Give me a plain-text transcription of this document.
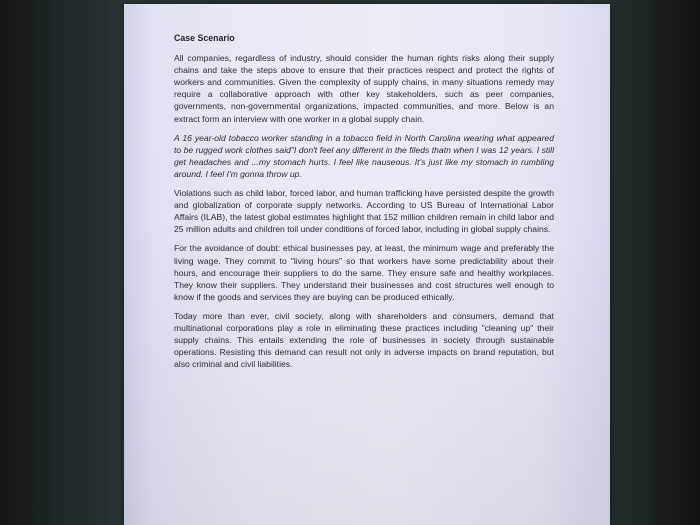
Case Scenario

All companies, regardless of industry, should consider the human rights risks along their supply chains and take the steps above to ensure that their practices respect and protect the rights of workers and communities. Given the complexity of supply chains, in many situations remedy may require a collaborative approach with other key stakeholders, such as peer companies, governments, non-governmental organizations, impacted communities, and more. Below is an extract form an interview with one worker in a global supply chain.

A 16 year-old tobacco worker standing in a tobacco field in North Carolina wearing what appeared to be rugged work clothes said"I don't feel any different in the fileds thatn when I was 12 years. I still get headaches and ...my stomach hurts. I feel like nauseous. It's just like my stomach in rumbling around. I feel I'm gonna throw up.

Violations such as child labor, forced labor, and human trafficking have persisted despite the growth and globalization of corporate supply networks. According to US Bureau of International Labor Affairs (ILAB), the latest global estimates highlight that 152 million children remain in child labor and 25 million adults and children toil under conditions of forced labor, including in global supply chains.

For the avoidance of doubt: ethical businesses pay, at least, the minimum wage and preferably the living wage. They commit to "living hours" so that workers have some predictability about their hours, and encourage their suppliers to do the same. They ensure safe and healthy workplaces. They know their suppliers. They understand their businesses and cost structures well enough to know if the goods and services they are buying can be produced ethically.

Today more than ever, civil society, along with shareholders and consumers, demand that multinational corporations play a role in eliminating these practices including "cleaning up" their supply chains. This entails extending the role of businesses in society through sustainable operations. Resisting this demand can result not only in adverse impacts on brand reputation, but also criminal and civil liabilities.
